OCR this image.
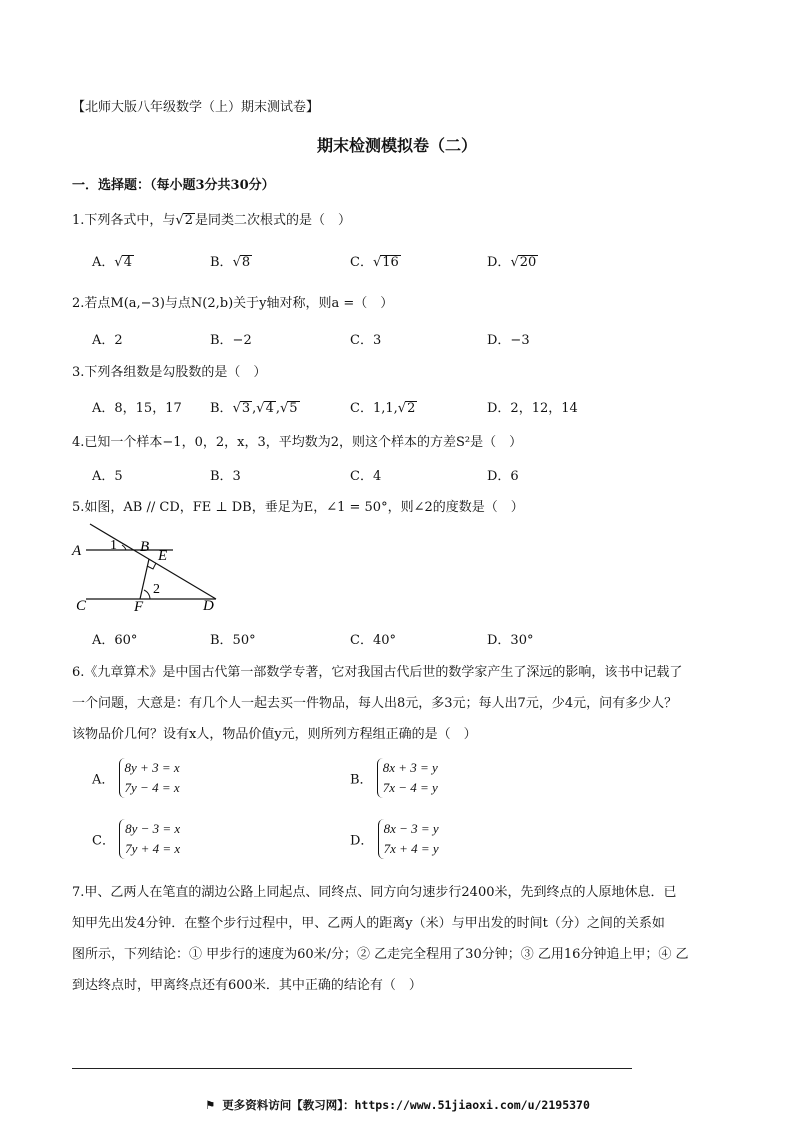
【北师大版八年级数学（上）期末测试卷】
期末检测模拟卷（二）
一．选择题：（每小题3分共30分）
1.下列各式中，与√2 是同类二次根式的是（　）
A．√4	B．√8	C．√16	D．√20
2.若点M(a,−3)与点N(2,b)关于y轴对称，则a =（　）
A．2	B．−2	C．3	D．−3
3.下列各组数是勾股数的是（　）
A．8，15，17 B．√3 ,√4 ,√5	C．1,1,√2	D．2，12，14
4.已知一个样本−1，0，2，x，3，平均数为2，则这个样本的方差S²是（　）
A．5	B．3	C．4	D．6
5.如图，AB // CD，FE ⊥ DB，垂足为E，∠1 = 50°，则∠2的度数是（　）
A	B
E
C	F	D
1
2
A．60°	B．50°	C．40°	D．30°
6.《九章算术》是中国古代第一部数学专著，它对我国古代后世的数学家产生了深远的影响，该书中记载了
一个问题，大意是：有几个人一起去买一件物品，每人出8元，多3元；每人出7元，少4元，问有多少人？
该物品价几何？设有x人，物品价值y元，则所列方程组正确的是（　）
A． 8y + 3 = x
7y − 4 = x	B． 8x + 3 = y
7x − 4 = y
C． 8y − 3 = x
7y + 4 = x	D． 8x − 3 = y
7x + 4 = y
7.甲、乙两人在笔直的湖边公路上同起点、同终点、同方向匀速步行2400米，先到终点的人原地休息．已
知甲先出发4分钟．在整个步行过程中，甲、乙两人的距离y（米）与甲出发的时间t（分）之间的关系如
图所示，下列结论：① 甲步行的速度为60米/分；② 乙走完全程用了30分钟；③ 乙用16分钟追上甲；④ 乙
到达终点时，甲离终点还有600米．其中正确的结论有（　）
⚑ 更多资料访问【教习网】：https://www.51jiaoxi.com/u/2195370
